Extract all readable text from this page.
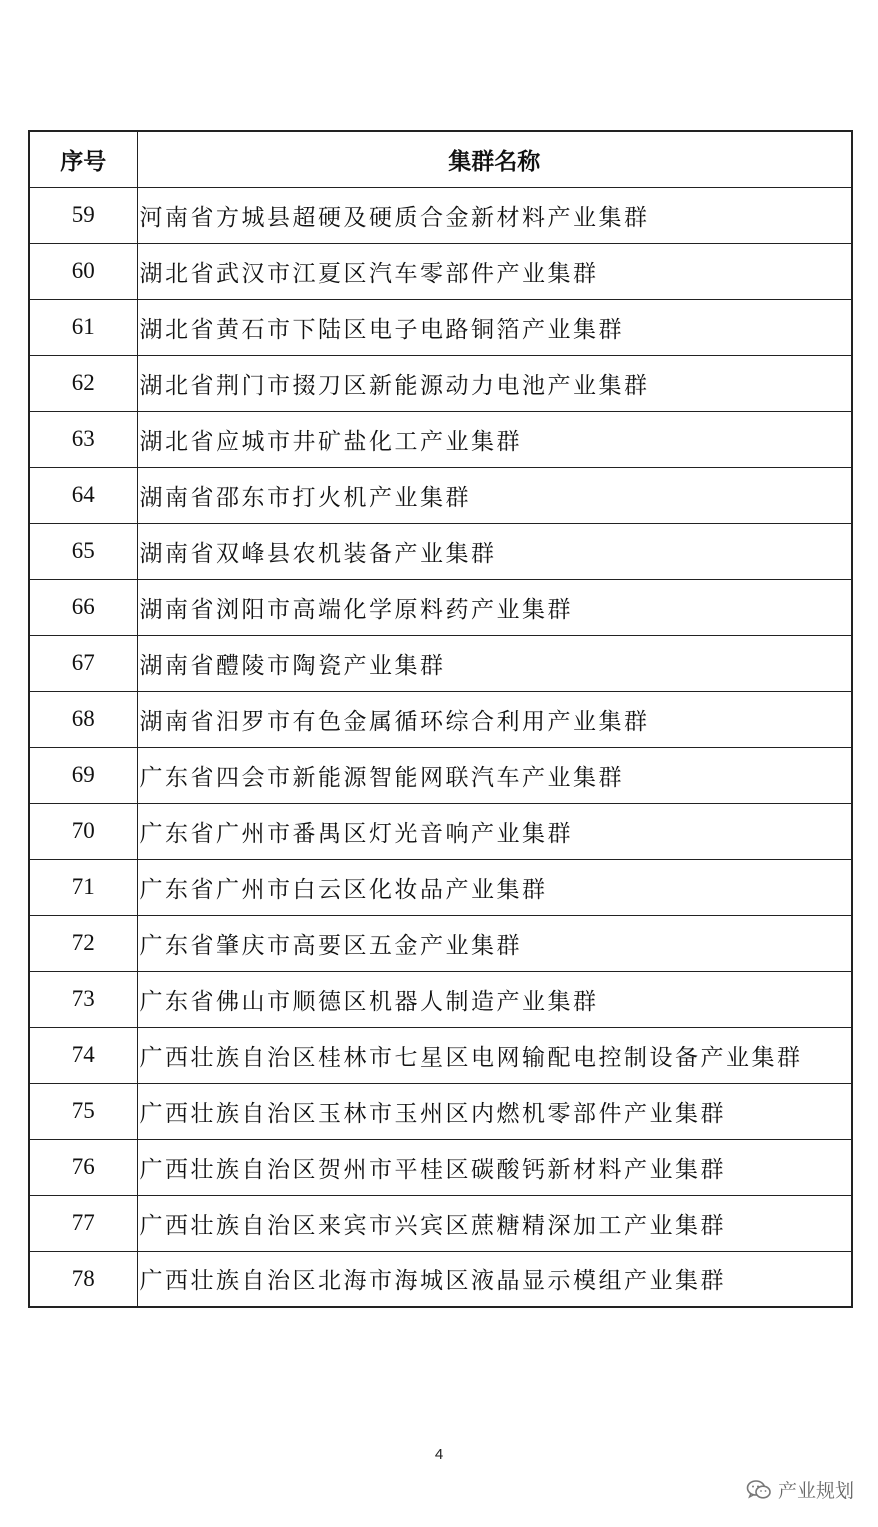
序号	集群名称
59	河南省方城县超硬及硬质合金新材料产业集群
60	湖北省武汉市江夏区汽车零部件产业集群
61	湖北省黄石市下陆区电子电路铜箔产业集群
62	湖北省荆门市掇刀区新能源动力电池产业集群
63	湖北省应城市井矿盐化工产业集群
64	湖南省邵东市打火机产业集群
65	湖南省双峰县农机装备产业集群
66	湖南省浏阳市高端化学原料药产业集群
67	湖南省醴陵市陶瓷产业集群
68	湖南省汨罗市有色金属循环综合利用产业集群
69	广东省四会市新能源智能网联汽车产业集群
70	广东省广州市番禺区灯光音响产业集群
71	广东省广州市白云区化妆品产业集群
72	广东省肇庆市高要区五金产业集群
73	广东省佛山市顺德区机器人制造产业集群
74	广西壮族自治区桂林市七星区电网输配电控制设备产业集群
75	广西壮族自治区玉林市玉州区内燃机零部件产业集群
76	广西壮族自治区贺州市平桂区碳酸钙新材料产业集群
77	广西壮族自治区来宾市兴宾区蔗糖精深加工产业集群
78	广西壮族自治区北海市海城区液晶显示模组产业集群
4
产业规划
